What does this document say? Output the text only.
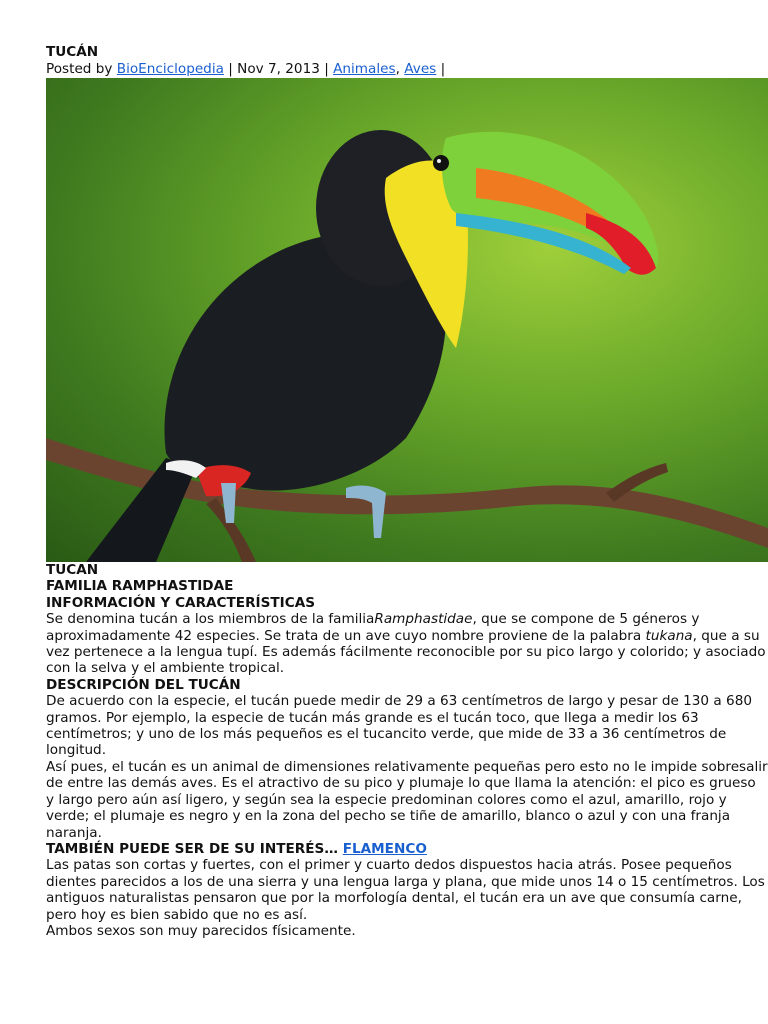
TUCÁN
Posted by BioEnciclopedia | Nov 7, 2013 | Animales, Aves |
TUCAN
FAMILIA RAMPHASTIDAE
INFORMACIÓN Y CARACTERÍSTICAS

Se denomina tucán a los miembros de la familiaRamphastidae, que se compone de 5 géneros y aproximadamente 42 especies. Se trata de un ave cuyo nombre proviene de la palabra tukana, que a su vez pertenece a la lengua tupí. Es además fácilmente reconocible por su pico largo y colorido; y asociado con la selva y el ambiente tropical.

DESCRIPCIÓN DEL TUCÁN

De acuerdo con la especie, el tucán puede medir de 29 a 63 centímetros de largo y pesar de 130 a 680 gramos. Por ejemplo, la especie de tucán más grande es el tucán toco, que llega a medir los 63 centímetros; y uno de los más pequeños es el tucancito verde, que mide de 33 a 36 centímetros de longitud.

Así pues, el tucán es un animal de dimensiones relativamente pequeñas pero esto no le impide sobresalir de entre las demás aves. Es el atractivo de su pico y plumaje lo que llama la atención: el pico es grueso y largo pero aún así ligero, y según sea la especie predominan colores como el azul, amarillo, rojo y verde; el plumaje es negro y en la zona del pecho se tiñe de amarillo, blanco o azul y con una franja naranja.

TAMBIÉN PUEDE SER DE SU INTERÉS… FLAMENCO

Las patas son cortas y fuertes, con el primer y cuarto dedos dispuestos hacia atrás. Posee pequeños dientes parecidos a los de una sierra y una lengua larga y plana, que mide unos 14 o 15 centímetros. Los antiguos naturalistas pensaron que por la morfología dental, el tucán era un ave que consumía carne, pero hoy es bien sabido que no es así.

Ambos sexos son muy parecidos físicamente.
